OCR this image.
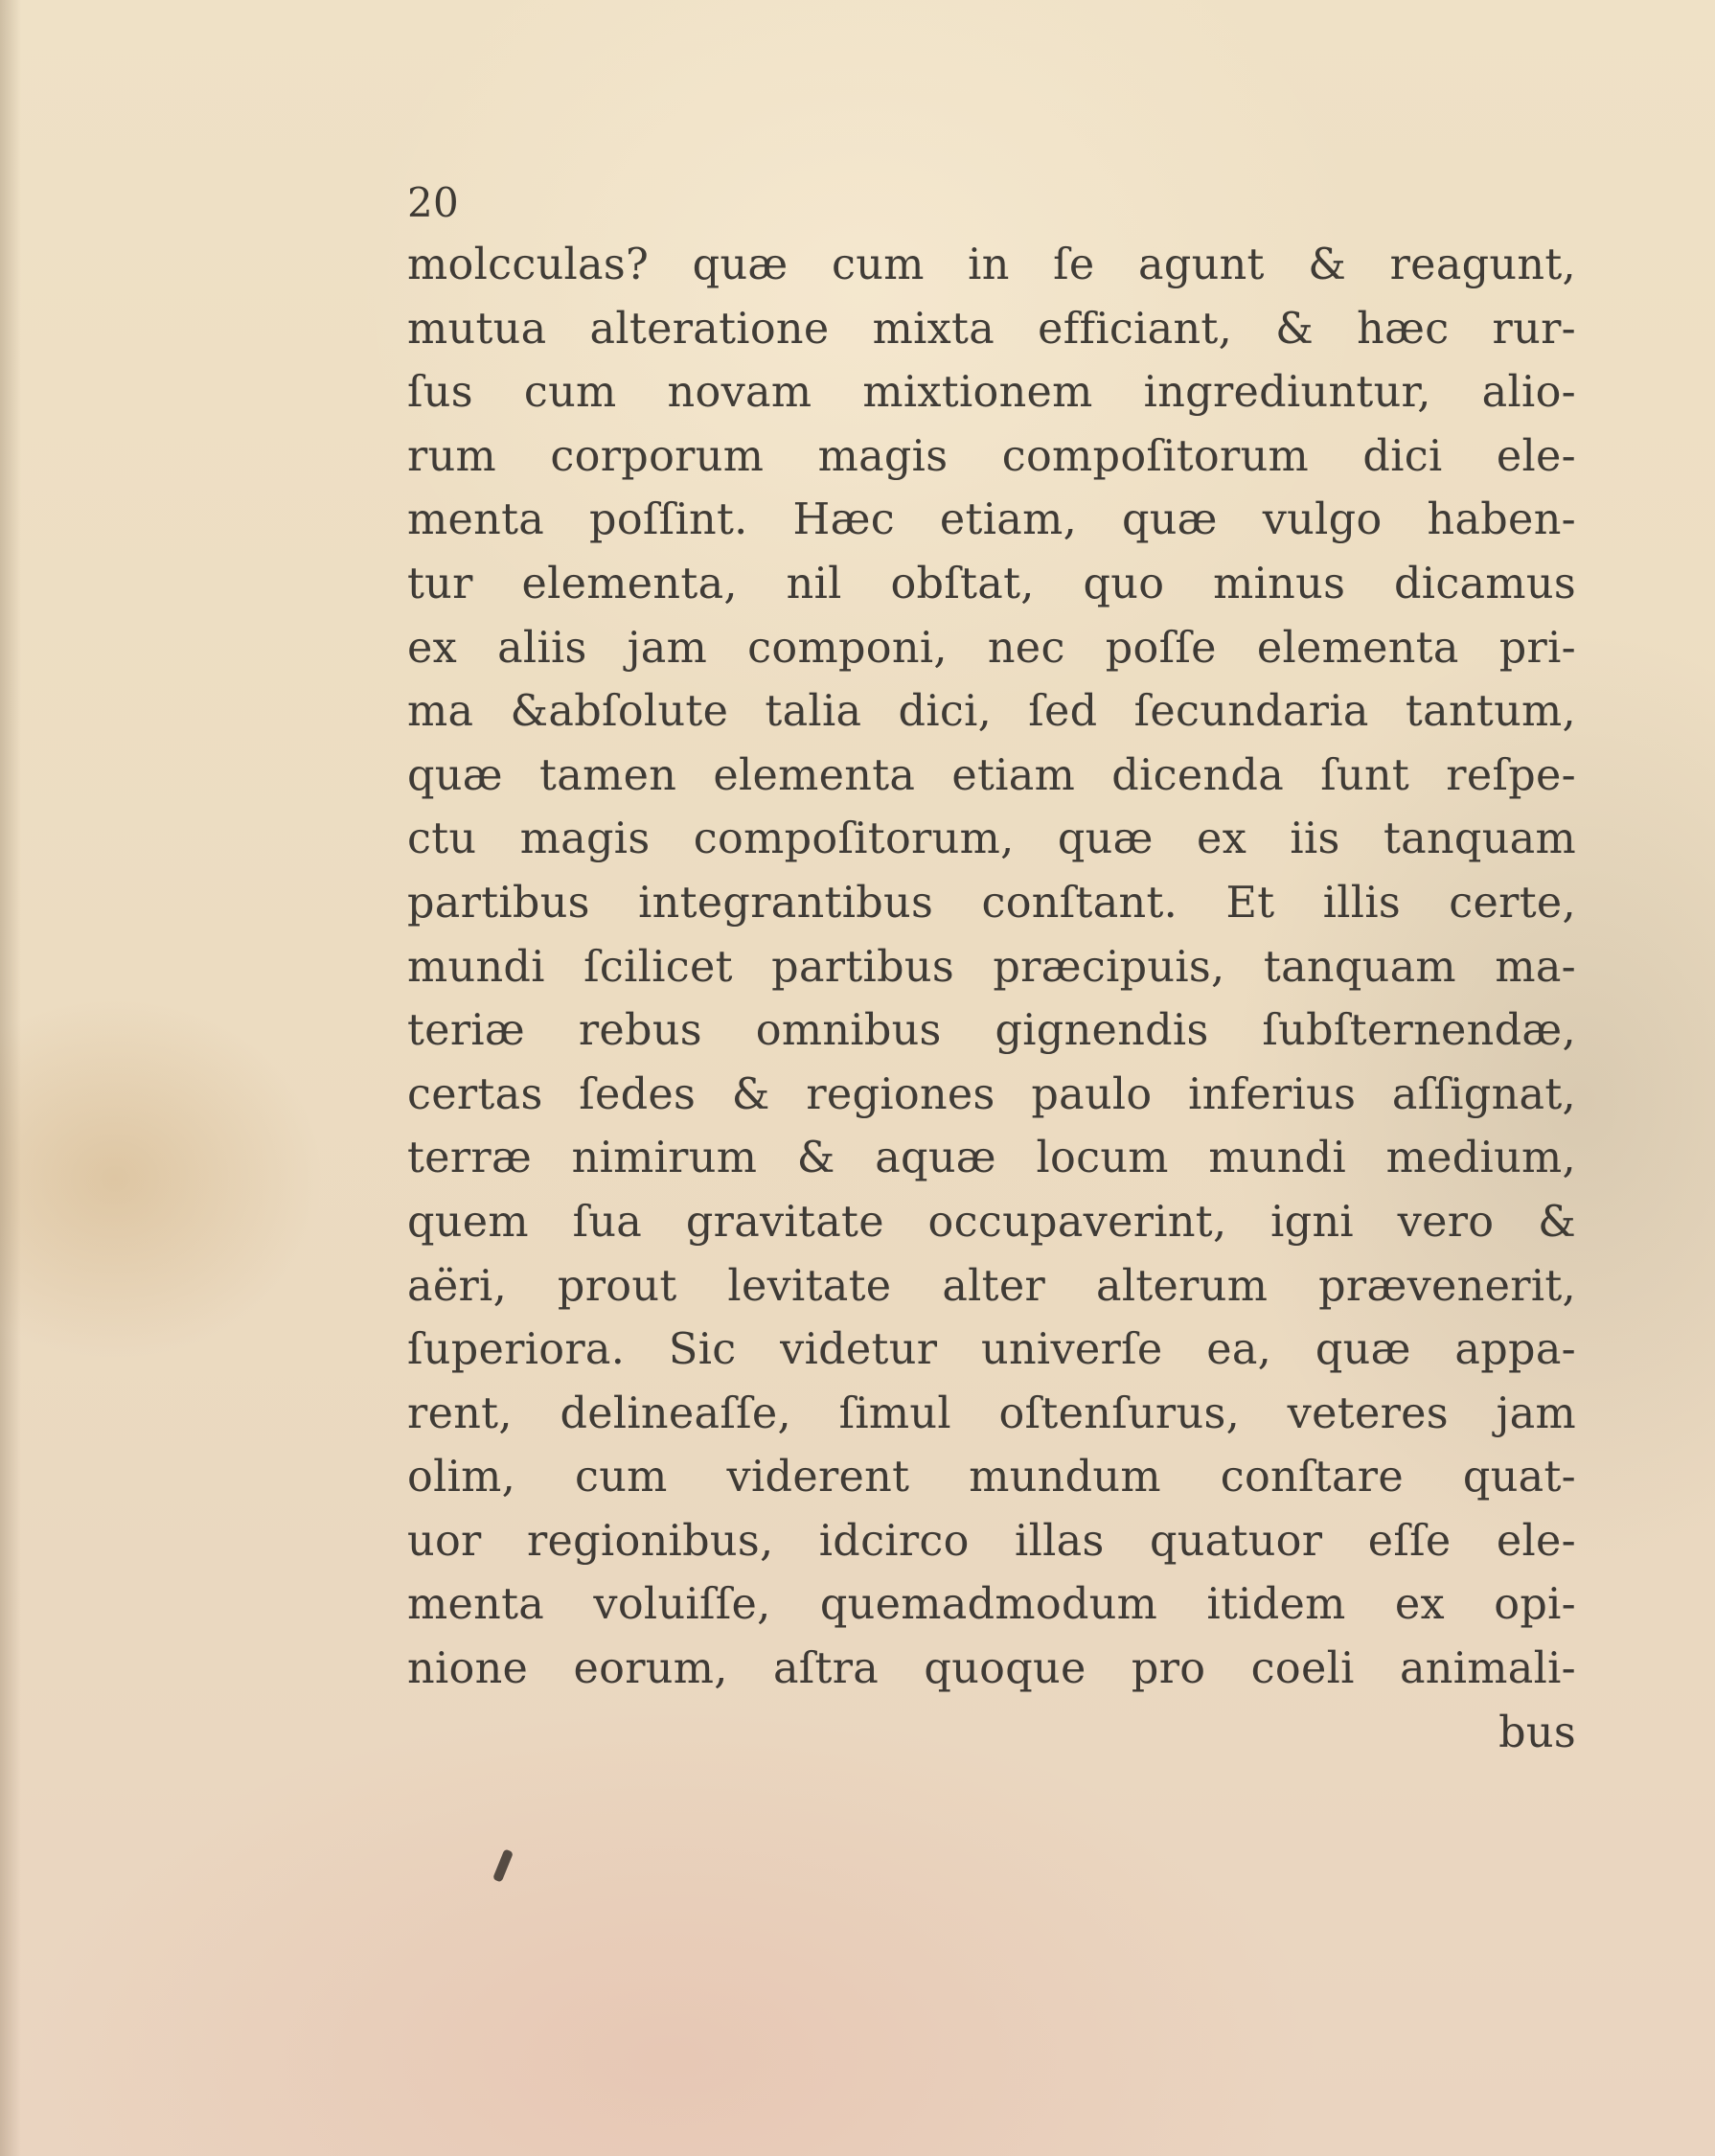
20
molcculas? quæ cum in ſe agunt & reagunt,
mutua alteratione mixta efficiant, & hæc rur-
ſus cum novam mixtionem ingrediuntur, alio-
rum corporum magis compoſitorum dici ele-
menta poſſint. Hæc etiam, quæ vulgo haben-
tur elementa, nil obſtat, quo minus dicamus
ex aliis jam componi, nec poſſe elementa pri-
ma &abſolute talia dici, ſed ſecundaria tantum,
quæ tamen elementa etiam dicenda ſunt reſpe-
ctu magis compoſitorum, quæ ex iis tanquam
partibus integrantibus conſtant. Et illis certe,
mundi ſcilicet partibus præcipuis, tanquam ma-
teriæ rebus omnibus gignendis ſubſternendæ,
certas ſedes & regiones paulo inferius aſſignat,
terræ nimirum & aquæ locum mundi medium,
quem ſua gravitate occupaverint, igni vero &
aëri, prout levitate alter alterum prævenerit,
ſuperiora. Sic videtur univerſe ea, quæ appa-
rent, delineaſſe, ſimul oſtenſurus, veteres jam
olim, cum viderent mundum conſtare quat-
uor regionibus, idcirco illas quatuor eſſe ele-
menta voluiſſe, quemadmodum itidem ex opi-
nione eorum, aſtra quoque pro coeli animali-
bus
